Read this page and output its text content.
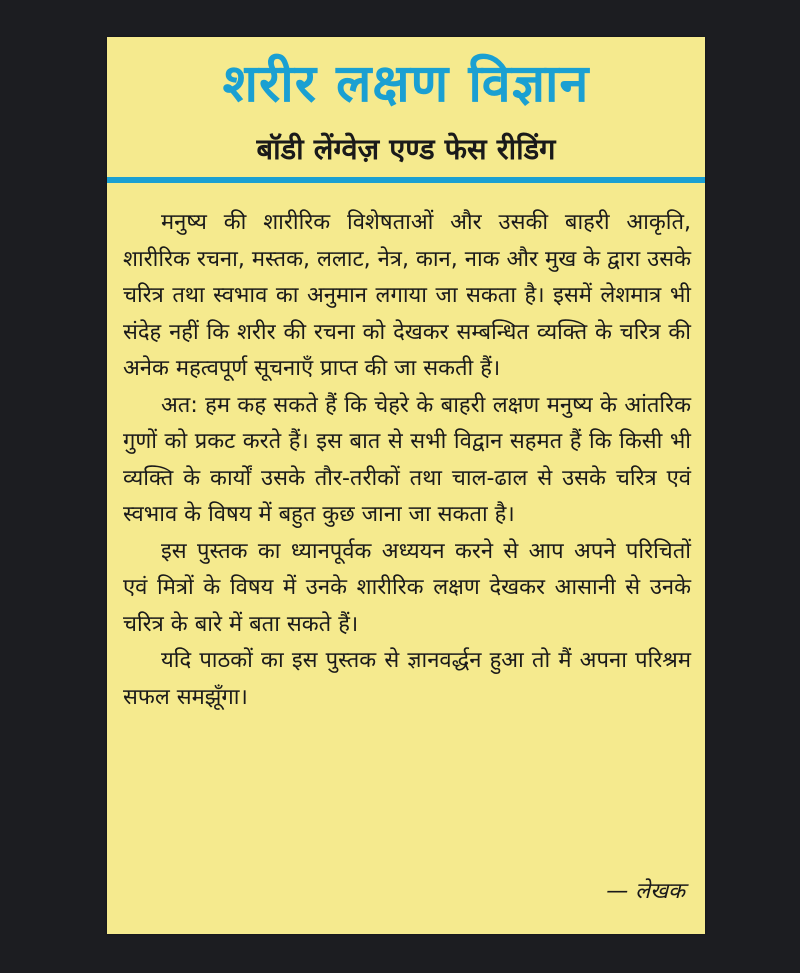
शरीर लक्षण विज्ञान
बॉडी लेंग्वेज़ एण्ड फेस रीडिंग

मनुष्य की शारीरिक विशेषताओं और उसकी बाहरी आकृति, शारीरिक रचना, मस्तक, ललाट, नेत्र, कान, नाक और मुख के द्वारा उसके चरित्र तथा स्वभाव का अनुमान लगाया जा सकता है। इसमें लेशमात्र भी संदेह नहीं कि शरीर की रचना को देखकर सम्बन्धित व्यक्ति के चरित्र की अनेक महत्वपूर्ण सूचनाएँ प्राप्त की जा सकती हैं।

अत: हम कह सकते हैं कि चेहरे के बाहरी लक्षण मनुष्य के आंतरिक गुणों को प्रकट करते हैं। इस बात से सभी विद्वान सहमत हैं कि किसी भी व्यक्ति के कार्यों उसके तौर-तरीकों तथा चाल-ढाल से उसके चरित्र एवं स्वभाव के विषय में बहुत कुछ जाना जा सकता है।

इस पुस्तक का ध्यानपूर्वक अध्ययन करने से आप अपने परिचितों एवं मित्रों के विषय में उनके शारीरिक लक्षण देखकर आसानी से उनके चरित्र के बारे में बता सकते हैं।

यदि पाठकों का इस पुस्तक से ज्ञानवर्द्धन हुआ तो मैं अपना परिश्रम सफल समझूँगा।

— लेखक
